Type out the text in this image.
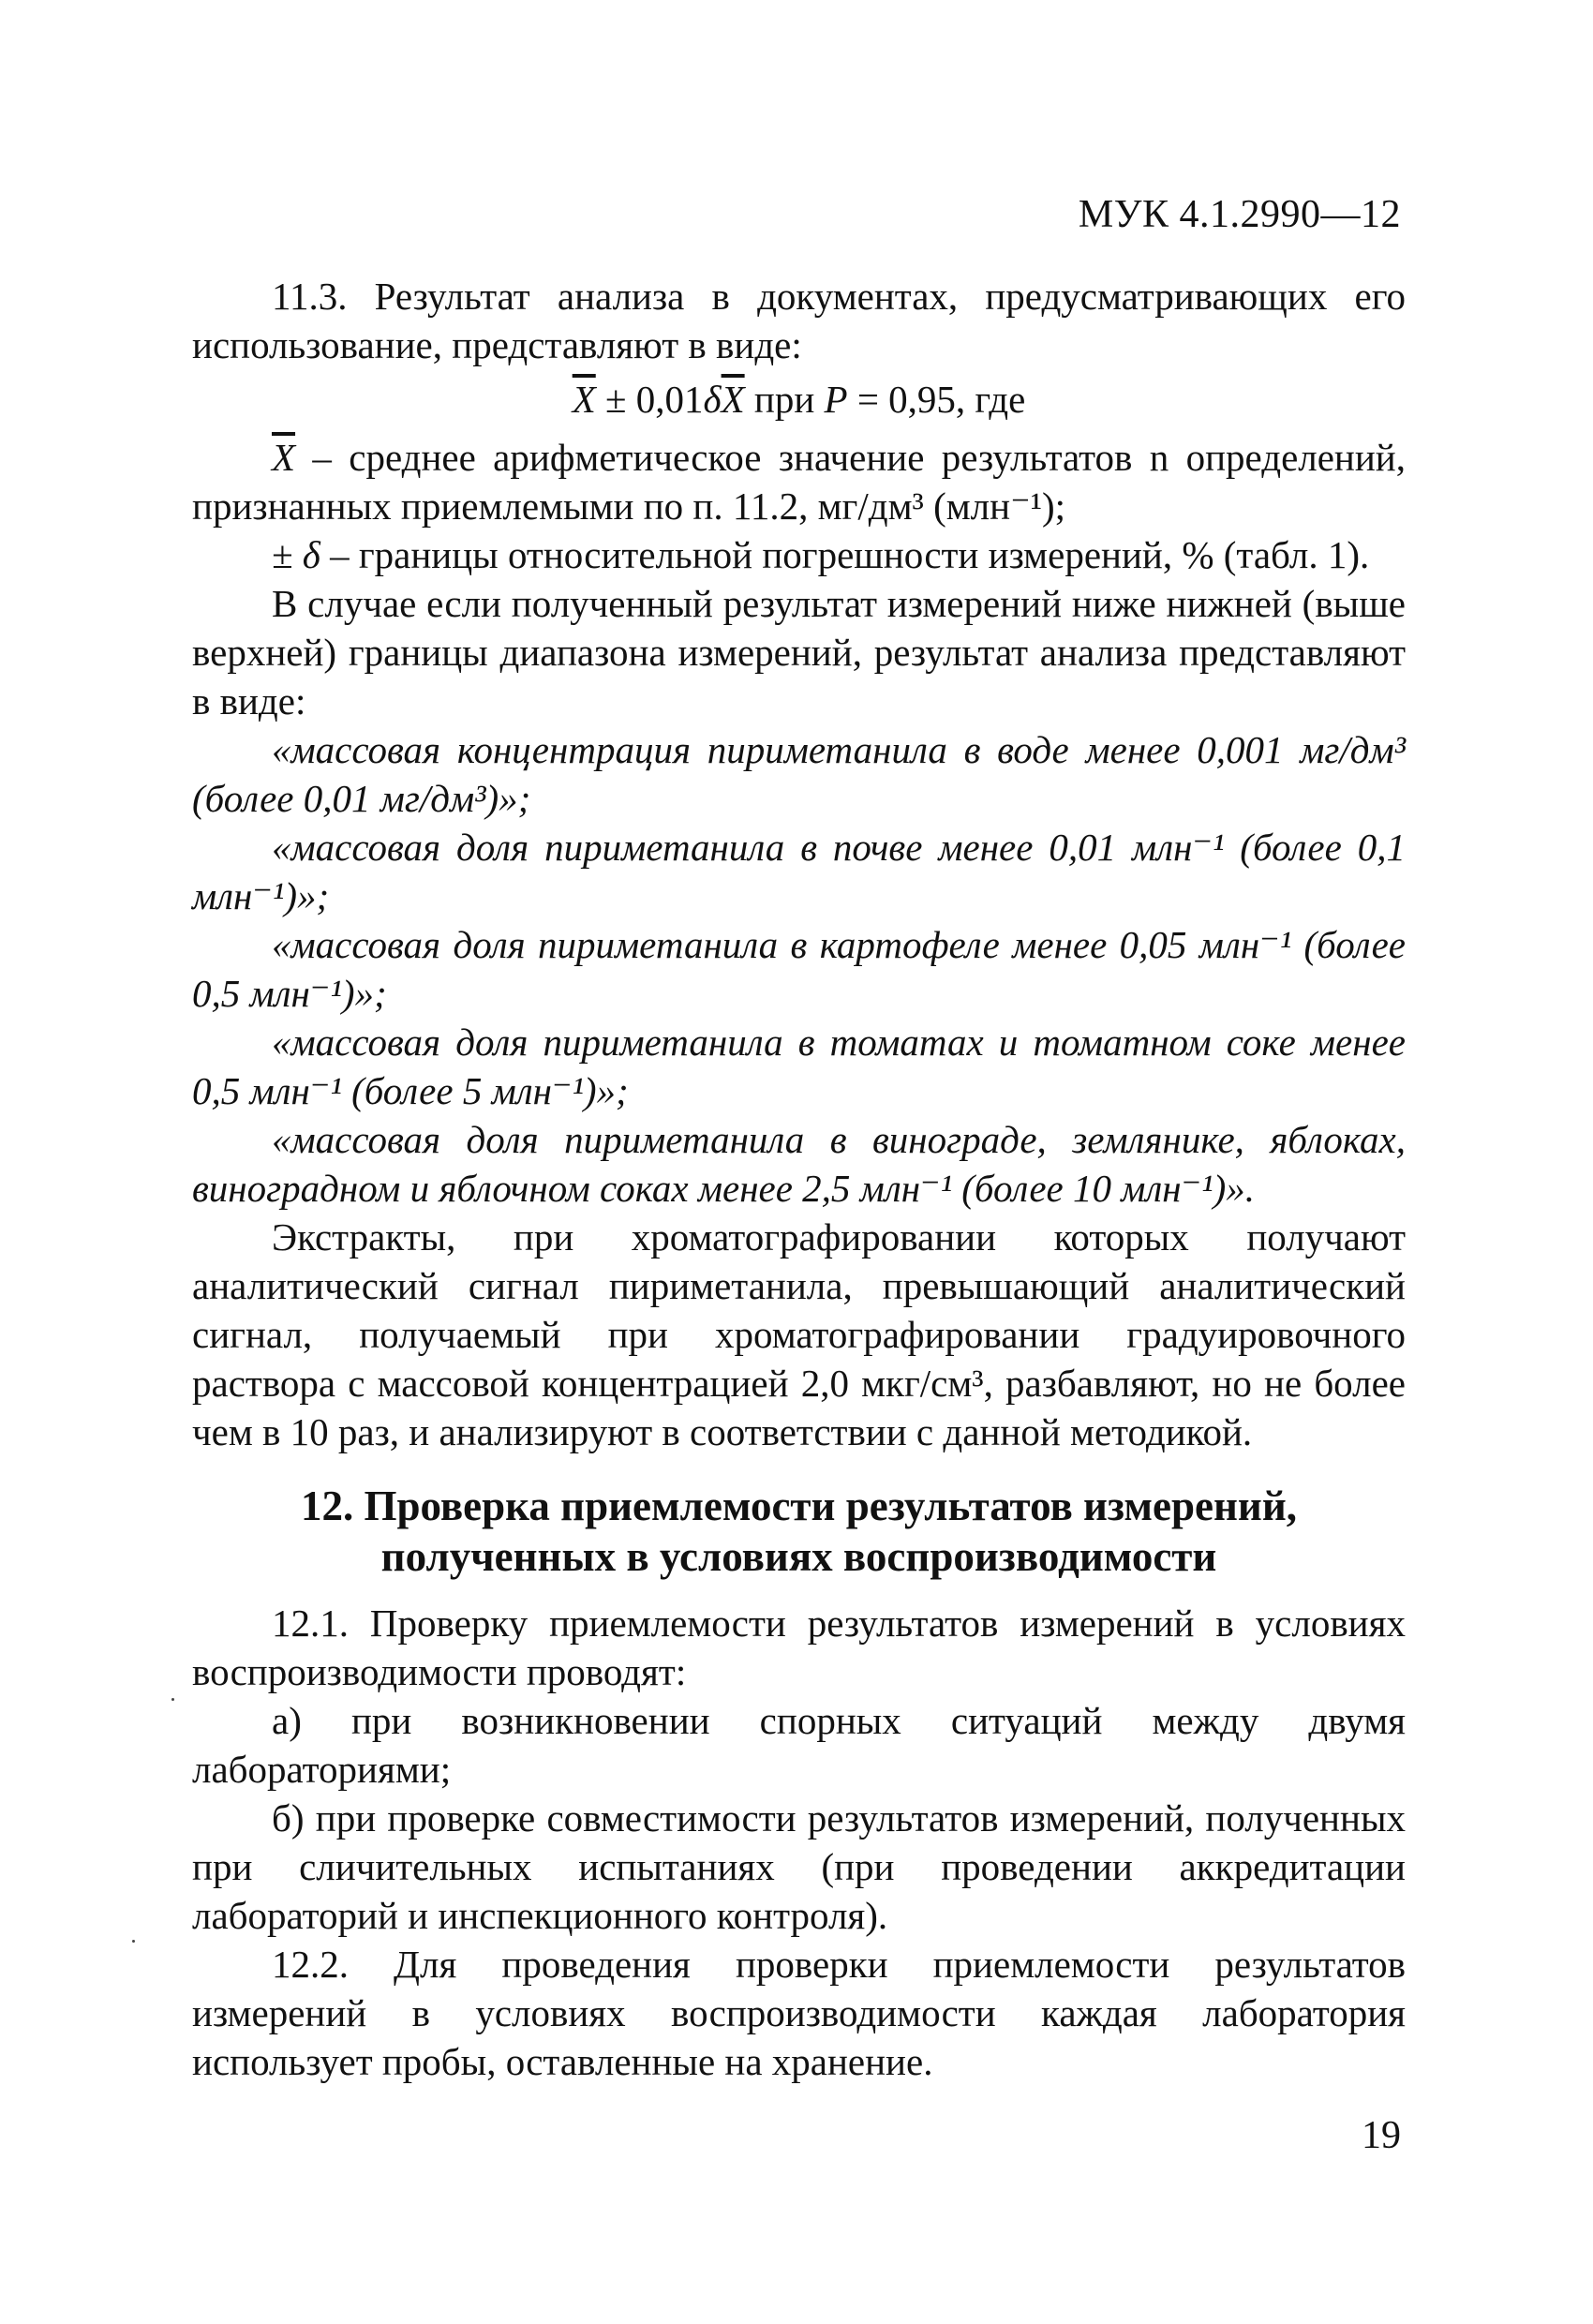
МУК 4.1.2990—12

11.3. Результат анализа в документах, предусматривающих его использование, представляют в виде:

$\overline{X} \pm 0,01\delta\overline{X}$ при P = 0,95, где

$\overline{X}$ – среднее арифметическое значение результатов n определений, признанных приемлемыми по п. 11.2, мг/дм³ (млн⁻¹);

± δ – границы относительной погрешности измерений, % (табл. 1).

В случае если полученный результат измерений ниже нижней (выше верхней) границы диапазона измерений, результат анализа представляют в виде:

«массовая концентрация пириметанила в воде менее 0,001 мг/дм³ (более 0,01 мг/дм³)»;

«массовая доля пириметанила в почве менее 0,01 млн⁻¹ (более 0,1 млн⁻¹)»;

«массовая доля пириметанила в картофеле менее 0,05 млн⁻¹ (более 0,5 млн⁻¹)»;

«массовая доля пириметанила в томатах и томатном соке менее 0,5 млн⁻¹ (более 5 млн⁻¹)»;

«массовая доля пириметанила в винограде, землянике, яблоках, виноградном и яблочном соках менее 2,5 млн⁻¹ (более 10 млн⁻¹)».

Экстракты, при хроматографировании которых получают аналитический сигнал пириметанила, превышающий аналитический сигнал, получаемый при хроматографировании градуировочного раствора с массовой концентрацией 2,0 мкг/см³, разбавляют, но не более чем в 10 раз, и анализируют в соответствии с данной методикой.

12. Проверка приемлемости результатов измерений,
полученных в условиях воспроизводимости

12.1. Проверку приемлемости результатов измерений в условиях воспроизводимости проводят:

а) при возникновении спорных ситуаций между двумя лабораториями;

б) при проверке совместимости результатов измерений, полученных при сличительных испытаниях (при проведении аккредитации лабораторий и инспекционного контроля).

12.2. Для проведения проверки приемлемости результатов измерений в условиях воспроизводимости каждая лаборатория использует пробы, оставленные на хранение.

19
